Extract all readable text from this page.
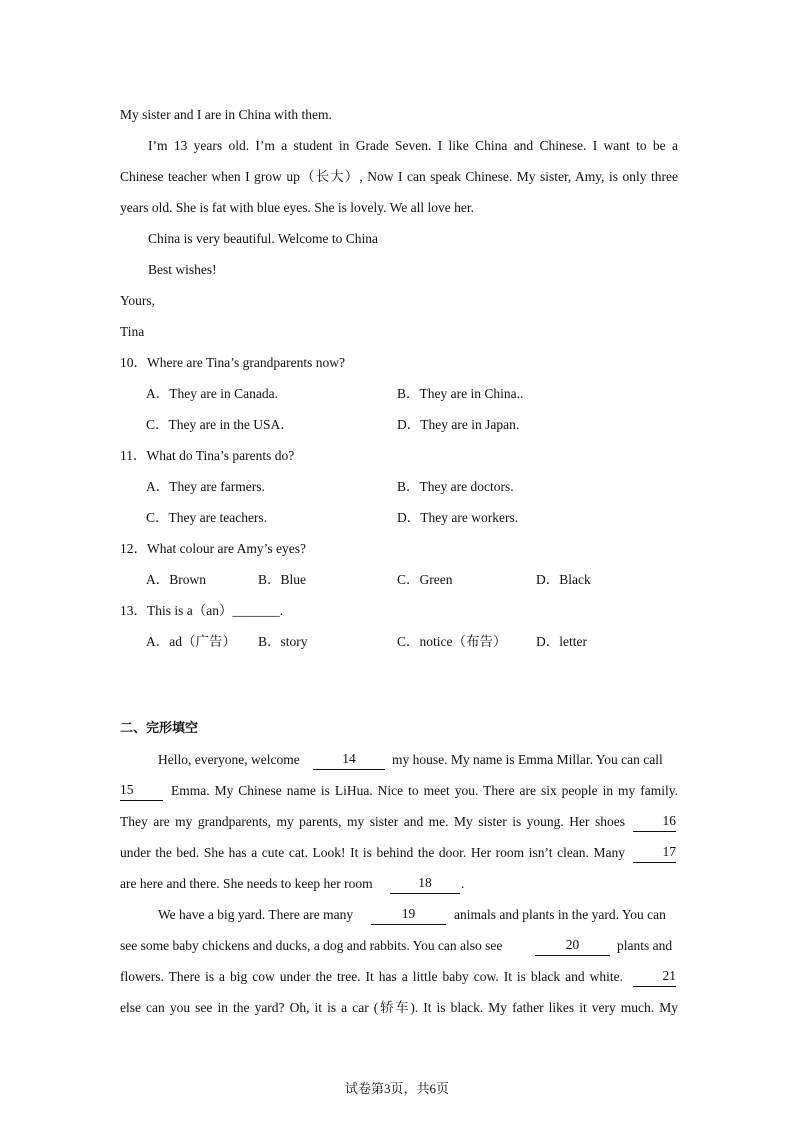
My sister and I are in China with them.
I’m 13 years old. I’m a student in Grade Seven. I like China and Chinese. I want to be a
Chinese teacher when I grow up（长大）, Now I can speak Chinese. My sister, Amy, is only three
years old. She is fat with blue eyes. She is lovely. We all love her.
China is very beautiful. Welcome to China
Best wishes!
Yours,
Tina
10．Where are Tina’s grandparents now?
A．They are in Canada.	B．They are in China..
C．They are in the USA．	D．They are in Japan.
11．What do Tina’s parents do?
A．They are farmers.	B．They are doctors.
C．They are teachers.	D．They are workers.
12．What colour are Amy’s eyes?
A．Brown	B．Blue	C．Green	D．Black
13．This is a（an）_______.
A．ad（广告） B．story	C．notice（布告） D．letter
二、完形填空
Hello, everyone, welcome	14	my house. My name is Emma Millar. You can call
15	Emma. My Chinese name is LiHua. Nice to meet you. There are six people in my family.
They are my grandparents, my parents, my sister and me. My sister is young. Her shoes	16
under the bed. She has a cute cat. Look! It is behind the door. Her room isn’t clean. Many	17
are here and there. She needs to keep her room	18	.
We have a big yard. There are many	19	animals and plants in the yard. You can
see some baby chickens and ducks, a dog and rabbits. You can also see	20	plants and
flowers. There is a big cow under the tree. It has a little baby cow. It is black and white.	21
else can you see in the yard? Oh, it is a car (轿车). It is black. My father likes it very much. My
试卷第3页，共6页
